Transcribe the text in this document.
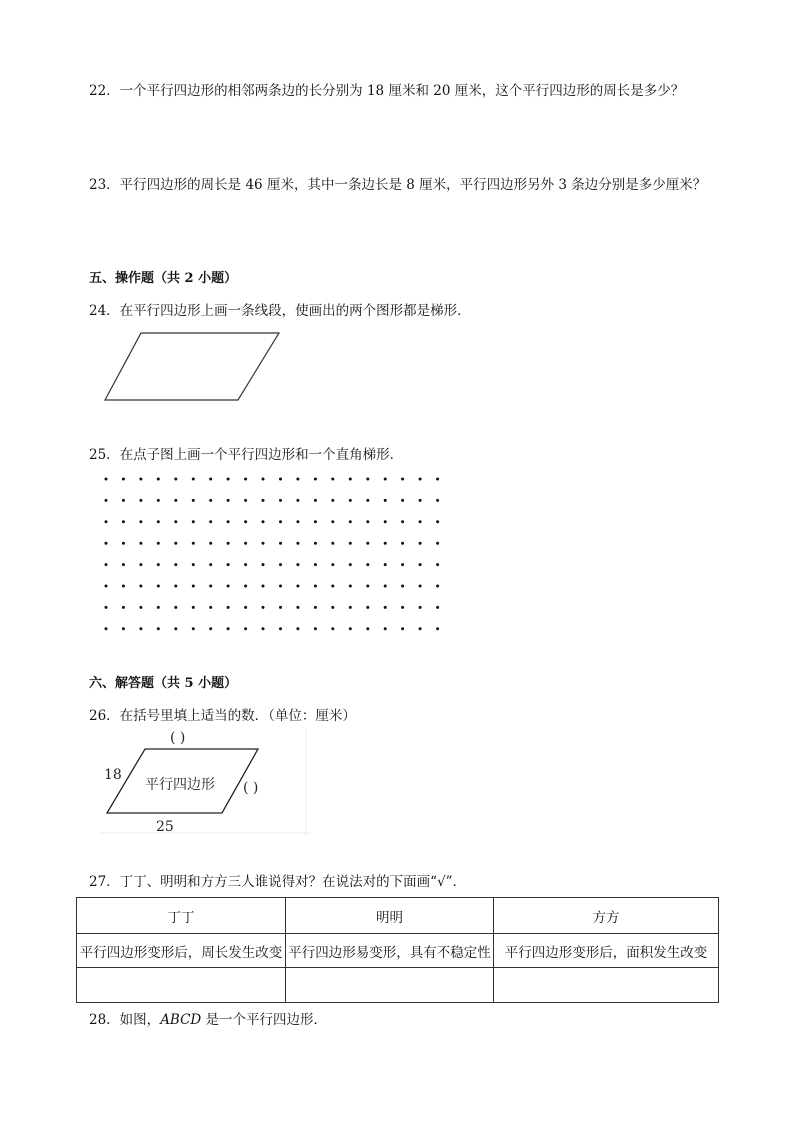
22．一个平行四边形的相邻两条边的长分别为 18 厘米和 20 厘米，这个平行四边形的周长是多少？
23．平行四边形的周长是 46 厘米，其中一条边长是 8 厘米，平行四边形另外 3 条边分别是多少厘米？
五、操作题（共 2 小题）
24．在平行四边形上画一条线段，使画出的两个图形都是梯形．
25．在点子图上画一个平行四边形和一个直角梯形．
六、解答题（共 5 小题）
26．在括号里填上适当的数．（单位：厘米）
( )
18
平行四边形 ( )
25
27．丁丁、明明和方方三人谁说得对？在说法对的下面画“√”．
丁丁	明明	方方
平行四边形变形后，周长发生改变	平行四边形易变形，具有不稳定性	平行四边形变形后，面积发生改变

28．如图，ABCD 是一个平行四边形．
